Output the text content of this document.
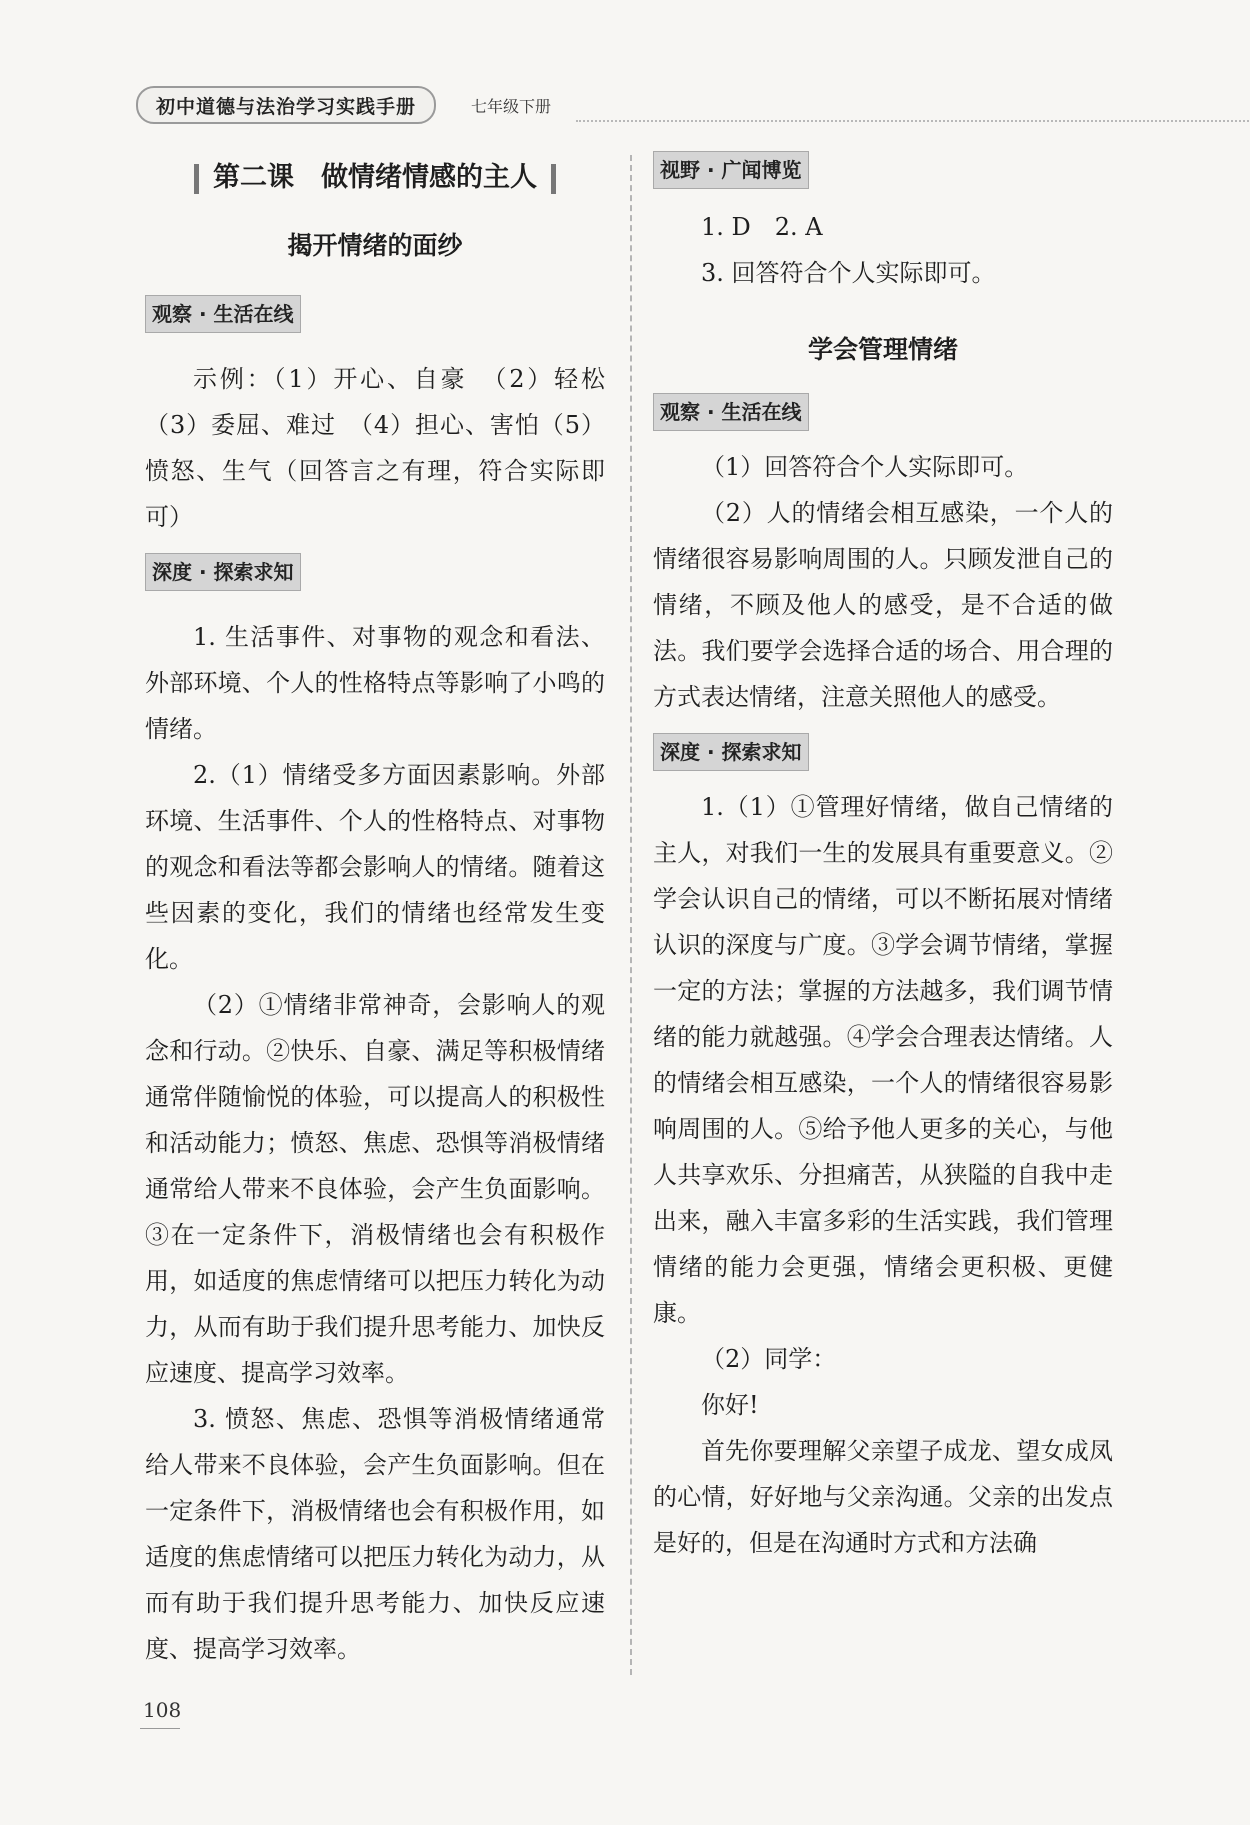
初中道德与法治学习实践手册	七年级下册
第二课　做情绪情感的主人
揭开情绪的面纱
观察 · 生活在线

示例：（1）开心、自豪　（2）轻松（3）委屈、难过　（4）担心、害怕（5）愤怒、生气（回答言之有理，符合实际即可）

深度 · 探索求知

1. 生活事件、对事物的观念和看法、外部环境、个人的性格特点等影响了小鸣的情绪。

2.（1）情绪受多方面因素影响。外部环境、生活事件、个人的性格特点、对事物的观念和看法等都会影响人的情绪。随着这些因素的变化，我们的情绪也经常发生变化。

（2）①情绪非常神奇，会影响人的观念和行动。②快乐、自豪、满足等积极情绪通常伴随愉悦的体验，可以提高人的积极性和活动能力；愤怒、焦虑、恐惧等消极情绪通常给人带来不良体验，会产生负面影响。③在一定条件下，消极情绪也会有积极作用，如适度的焦虑情绪可以把压力转化为动力，从而有助于我们提升思考能力、加快反应速度、提高学习效率。

3. 愤怒、焦虑、恐惧等消极情绪通常给人带来不良体验，会产生负面影响。但在一定条件下，消极情绪也会有积极作用，如适度的焦虑情绪可以把压力转化为动力，从而有助于我们提升思考能力、加快反应速度、提高学习效率。

视野 · 广闻博览

1. D　2. A

3. 回答符合个人实际即可。

学会管理情绪
观察 · 生活在线

（1）回答符合个人实际即可。

（2）人的情绪会相互感染，一个人的情绪很容易影响周围的人。只顾发泄自己的情绪，不顾及他人的感受，是不合适的做法。我们要学会选择合适的场合、用合理的方式表达情绪，注意关照他人的感受。

深度 · 探索求知

1.（1）①管理好情绪，做自己情绪的主人，对我们一生的发展具有重要意义。②学会认识自己的情绪，可以不断拓展对情绪认识的深度与广度。③学会调节情绪，掌握一定的方法；掌握的方法越多，我们调节情绪的能力就越强。④学会合理表达情绪。人的情绪会相互感染，一个人的情绪很容易影响周围的人。⑤给予他人更多的关心，与他人共享欢乐、分担痛苦，从狭隘的自我中走出来，融入丰富多彩的生活实践，我们管理情绪的能力会更强，情绪会更积极、更健康。

（2）同学：

你好!

首先你要理解父亲望子成龙、望女成凤的心情，好好地与父亲沟通。父亲的出发点是好的，但是在沟通时方式和方法确

108
